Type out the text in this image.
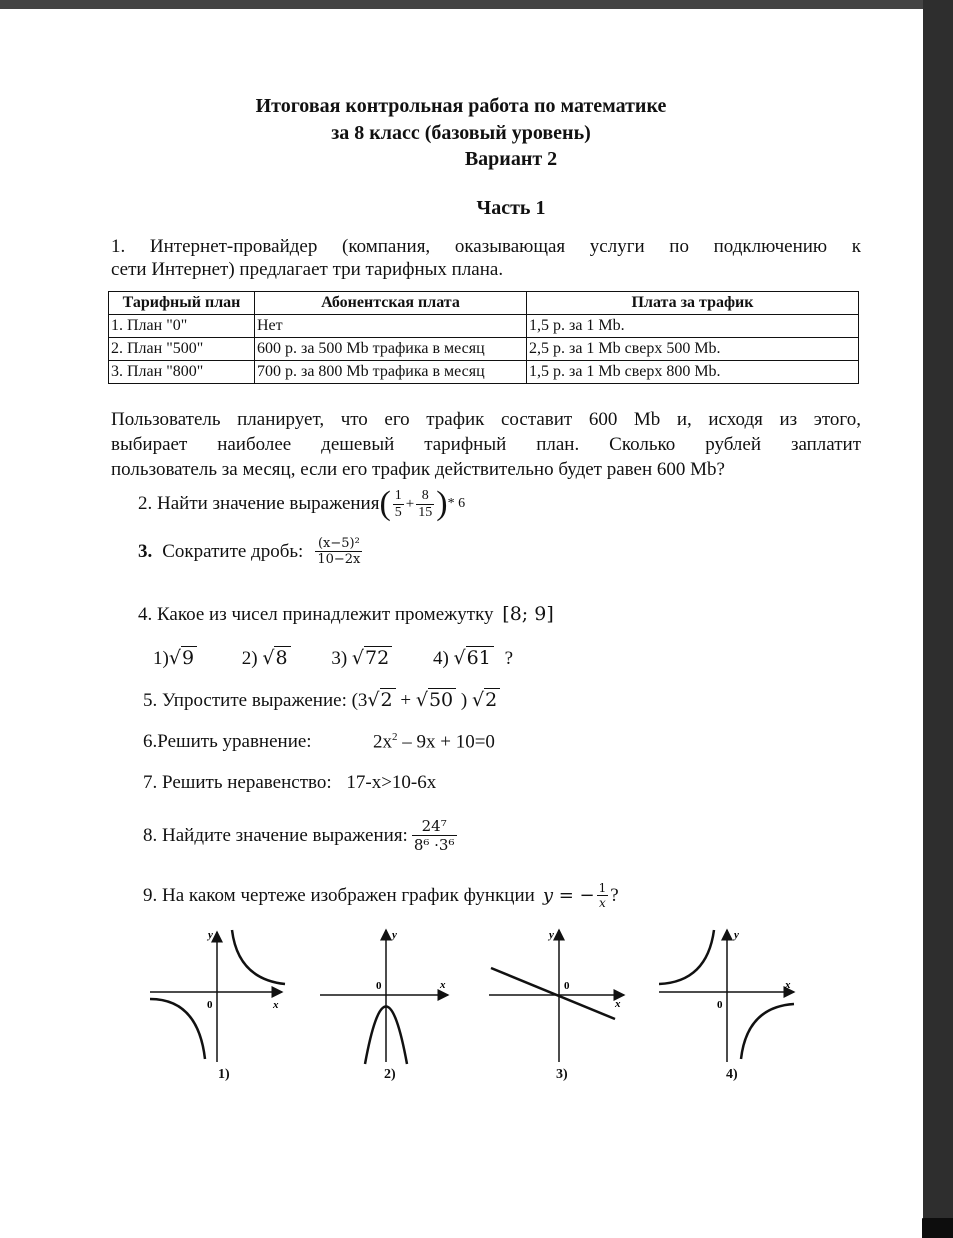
Итоговая контрольная работа по математике
за 8 класс (базовый уровень)
Вариант 2
Часть 1
1. Интернет-провайдер (компания, оказывающая услуги по подключению к
сети Интернет) предлагает три тарифных плана.
Тарифный план	Абонентская плата	Плата за трафик
1. План "0"	Нет	1,5 р. за 1 Mb.
2. План "500"	600 р. за 500 Mb трафика в месяц	2,5 р. за 1 Mb сверх 500 Mb.
3. План "800"	700 р. за 800 Mb трафика в месяц	1,5 р. за 1 Mb сверх 800 Mb.
Пользователь планирует, что его трафик составит 600 Mb и, исходя из этого,
выбирает наиболее дешевый тарифный план. Сколько рублей заплатит
пользователь за месяц, если его трафик действительно будет равен 600 Mb?
2. Найти значение выражения ( $\frac{1}{5} + \frac{8}{15}$ ) * 6
3. Сократите дробь: $\frac{\text{(x−5)²}}{10-2x}$
4. Какое из чисел принадлежит промежутку [8; 9]
1)√9	2) √8 3) √72 4) √61 ?
5. Упростите выражение: (3√2 + √50 ) √2
6.Решить уравнение:	$2x^2 - 9x + 10=0$
7. Решить неравенство: 17-x>10-6x
8. Найдите значение выражения: $\frac{\text{24⁷}}{\text{8⁶ ·3⁶}}$
9. На каком чертеже изображен график функции y = − $\frac{1}{x}$ ?
y
x
0
1)
y
x
0
2)
y
x
0
3)
y
x
0
4)
